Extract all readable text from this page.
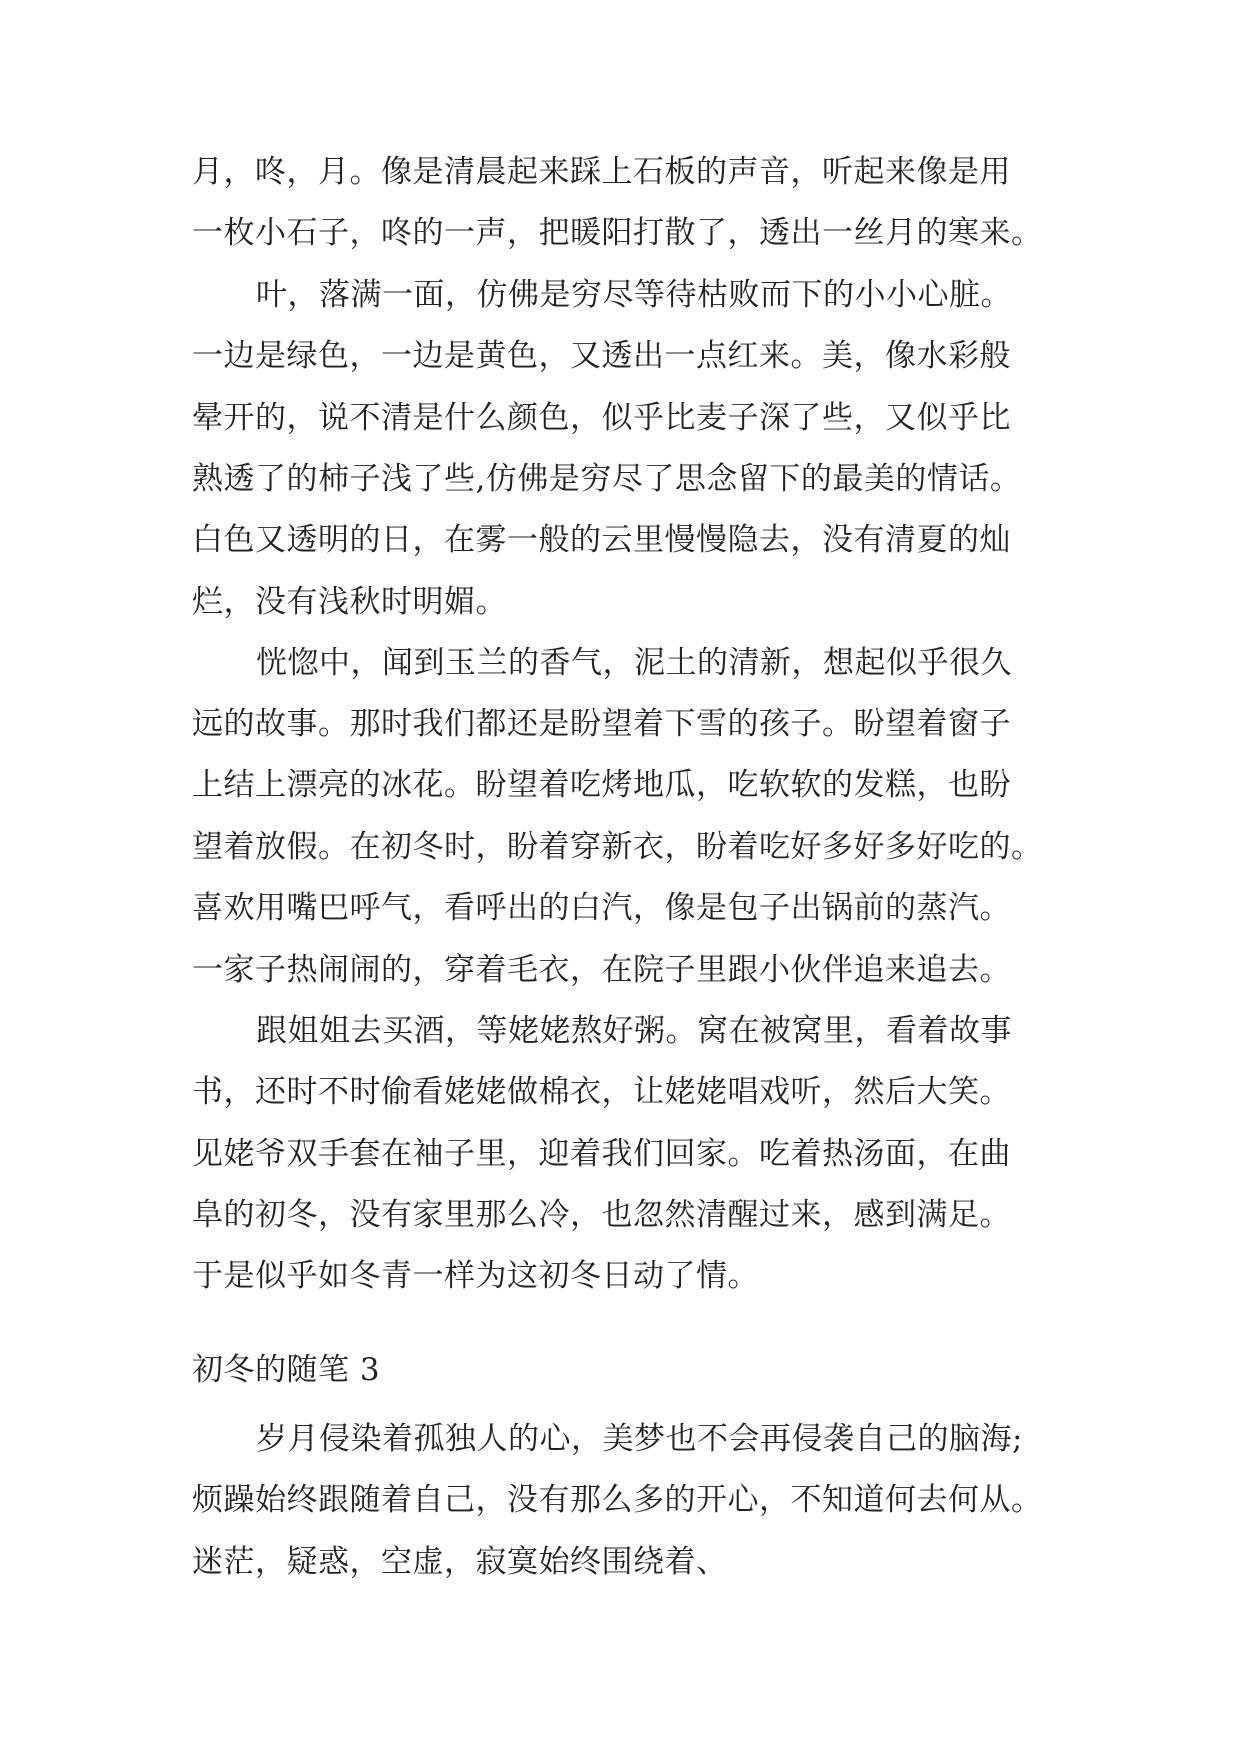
月，咚，月。像是清晨起来踩上石板的声音，听起来像是用
一枚小石子，咚的一声，把暖阳打散了，透出一丝月的寒来。
叶，落满一面，仿佛是穷尽等待枯败而下的小小心脏。
一边是绿色，一边是黄色，又透出一点红来。美，像水彩般
晕开的，说不清是什么颜色，似乎比麦子深了些，又似乎比
熟透了的柿子浅了些,仿佛是穷尽了思念留下的最美的情话。
白色又透明的日，在雾一般的云里慢慢隐去，没有清夏的灿
烂，没有浅秋时明媚。
恍惚中，闻到玉兰的香气，泥土的清新，想起似乎很久
远的故事。那时我们都还是盼望着下雪的孩子。盼望着窗子
上结上漂亮的冰花。盼望着吃烤地瓜，吃软软的发糕，也盼
望着放假。在初冬时，盼着穿新衣，盼着吃好多好多好吃的。
喜欢用嘴巴呼气，看呼出的白汽，像是包子出锅前的蒸汽。
一家子热闹闹的，穿着毛衣，在院子里跟小伙伴追来追去。
跟姐姐去买酒，等姥姥熬好粥。窝在被窝里，看着故事
书，还时不时偷看姥姥做棉衣，让姥姥唱戏听，然后大笑。
见姥爷双手套在袖子里，迎着我们回家。吃着热汤面，在曲
阜的初冬，没有家里那么冷，也忽然清醒过来，感到满足。
于是似乎如冬青一样为这初冬日动了情。
初冬的随笔 3
岁月侵染着孤独人的心，美梦也不会再侵袭自己的脑海;
烦躁始终跟随着自己，没有那么多的开心，不知道何去何从。
迷茫，疑惑，空虚，寂寞始终围绕着、
